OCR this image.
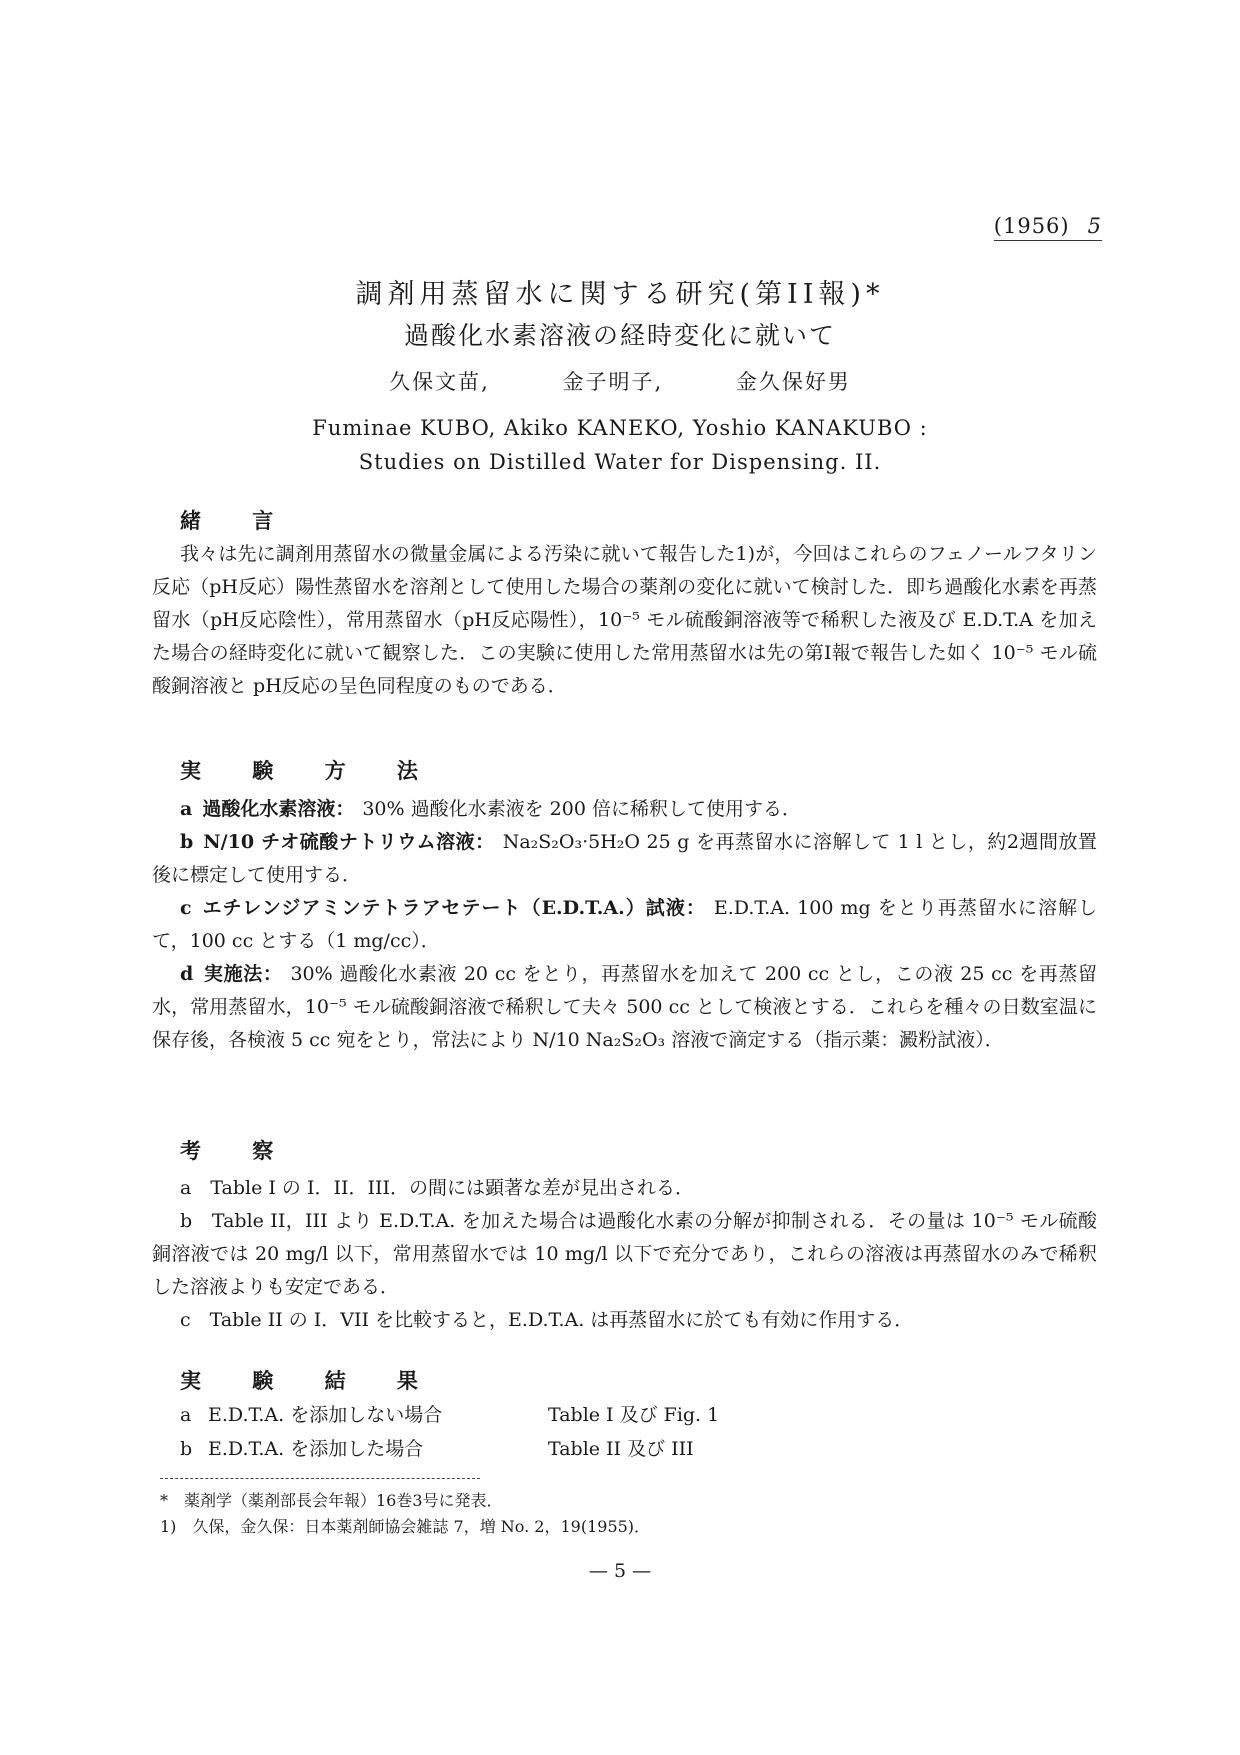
(1956) 5
調剤用蒸留水に関する研究(第II報)*
過酸化水素溶液の経時変化に就いて
久保文苗,	金子明子,	金久保好男
Fuminae KUBO, Akiko KANEKO, Yoshio KANAKUBO :
Studies on Distilled Water for Dispensing. II.
緒 言
我々は先に調剤用蒸留水の微量金属による汚染に就いて報告した1)が，今回はこれらのフェノールフタリン反応（pH反応）陽性蒸留水を溶剤として使用した場合の薬剤の変化に就いて検討した．即ち過酸化水素を再蒸留水（pH反応陰性），常用蒸留水（pH反応陽性），10⁻⁵ モル硫酸銅溶液等で稀釈した液及び E.D.T.A を加えた場合の経時変化に就いて観察した．この実験に使用した常用蒸留水は先の第I報で報告した如く 10⁻⁵ モル硫酸銅溶液と pH反応の呈色同程度のものである．
実 験 方 法
a 過酸化水素溶液： 30% 過酸化水素液を 200 倍に稀釈して使用する．
b N/10 チオ硫酸ナトリウム溶液： Na₂S₂O₃·5H₂O 25 g を再蒸留水に溶解して 1 l とし，約2週間放置後に標定して使用する．
c エチレンジアミンテトラアセテート（E.D.T.A.）試液： E.D.T.A. 100 mg をとり再蒸留水に溶解して，100 cc とする（1 mg/cc）．
d 実施法： 30% 過酸化水素液 20 cc をとり，再蒸留水を加えて 200 cc とし，この液 25 cc を再蒸留水，常用蒸留水，10⁻⁵ モル硫酸銅溶液で稀釈して夫々 500 cc として検液とする．これらを種々の日数室温に保存後，各検液 5 cc 宛をとり，常法により N/10 Na₂S₂O₃ 溶液で滴定する（指示薬：澱粉試液）．
考 察
a　Table I の I．II．III．の間には顕著な差が見出される．
b　Table II，III より E.D.T.A. を加えた場合は過酸化水素の分解が抑制される．その量は 10⁻⁵ モル硫酸銅溶液では 20 mg/l 以下，常用蒸留水では 10 mg/l 以下で充分であり，これらの溶液は再蒸留水のみで稀釈した溶液よりも安定である．
c　Table II の I．VII を比較すると，E.D.T.A. は再蒸留水に於ても有効に作用する．
実 験 結 果
a E.D.T.A. を添加しない場合	Table I 及び Fig. 1
b E.D.T.A. を添加した場合	Table II 及び III
*　薬剤学（薬剤部長会年報）16巻3号に発表．
1)　久保，金久保：日本薬剤師協会雑誌 7，増 No. 2，19(1955)．
— 5 —
